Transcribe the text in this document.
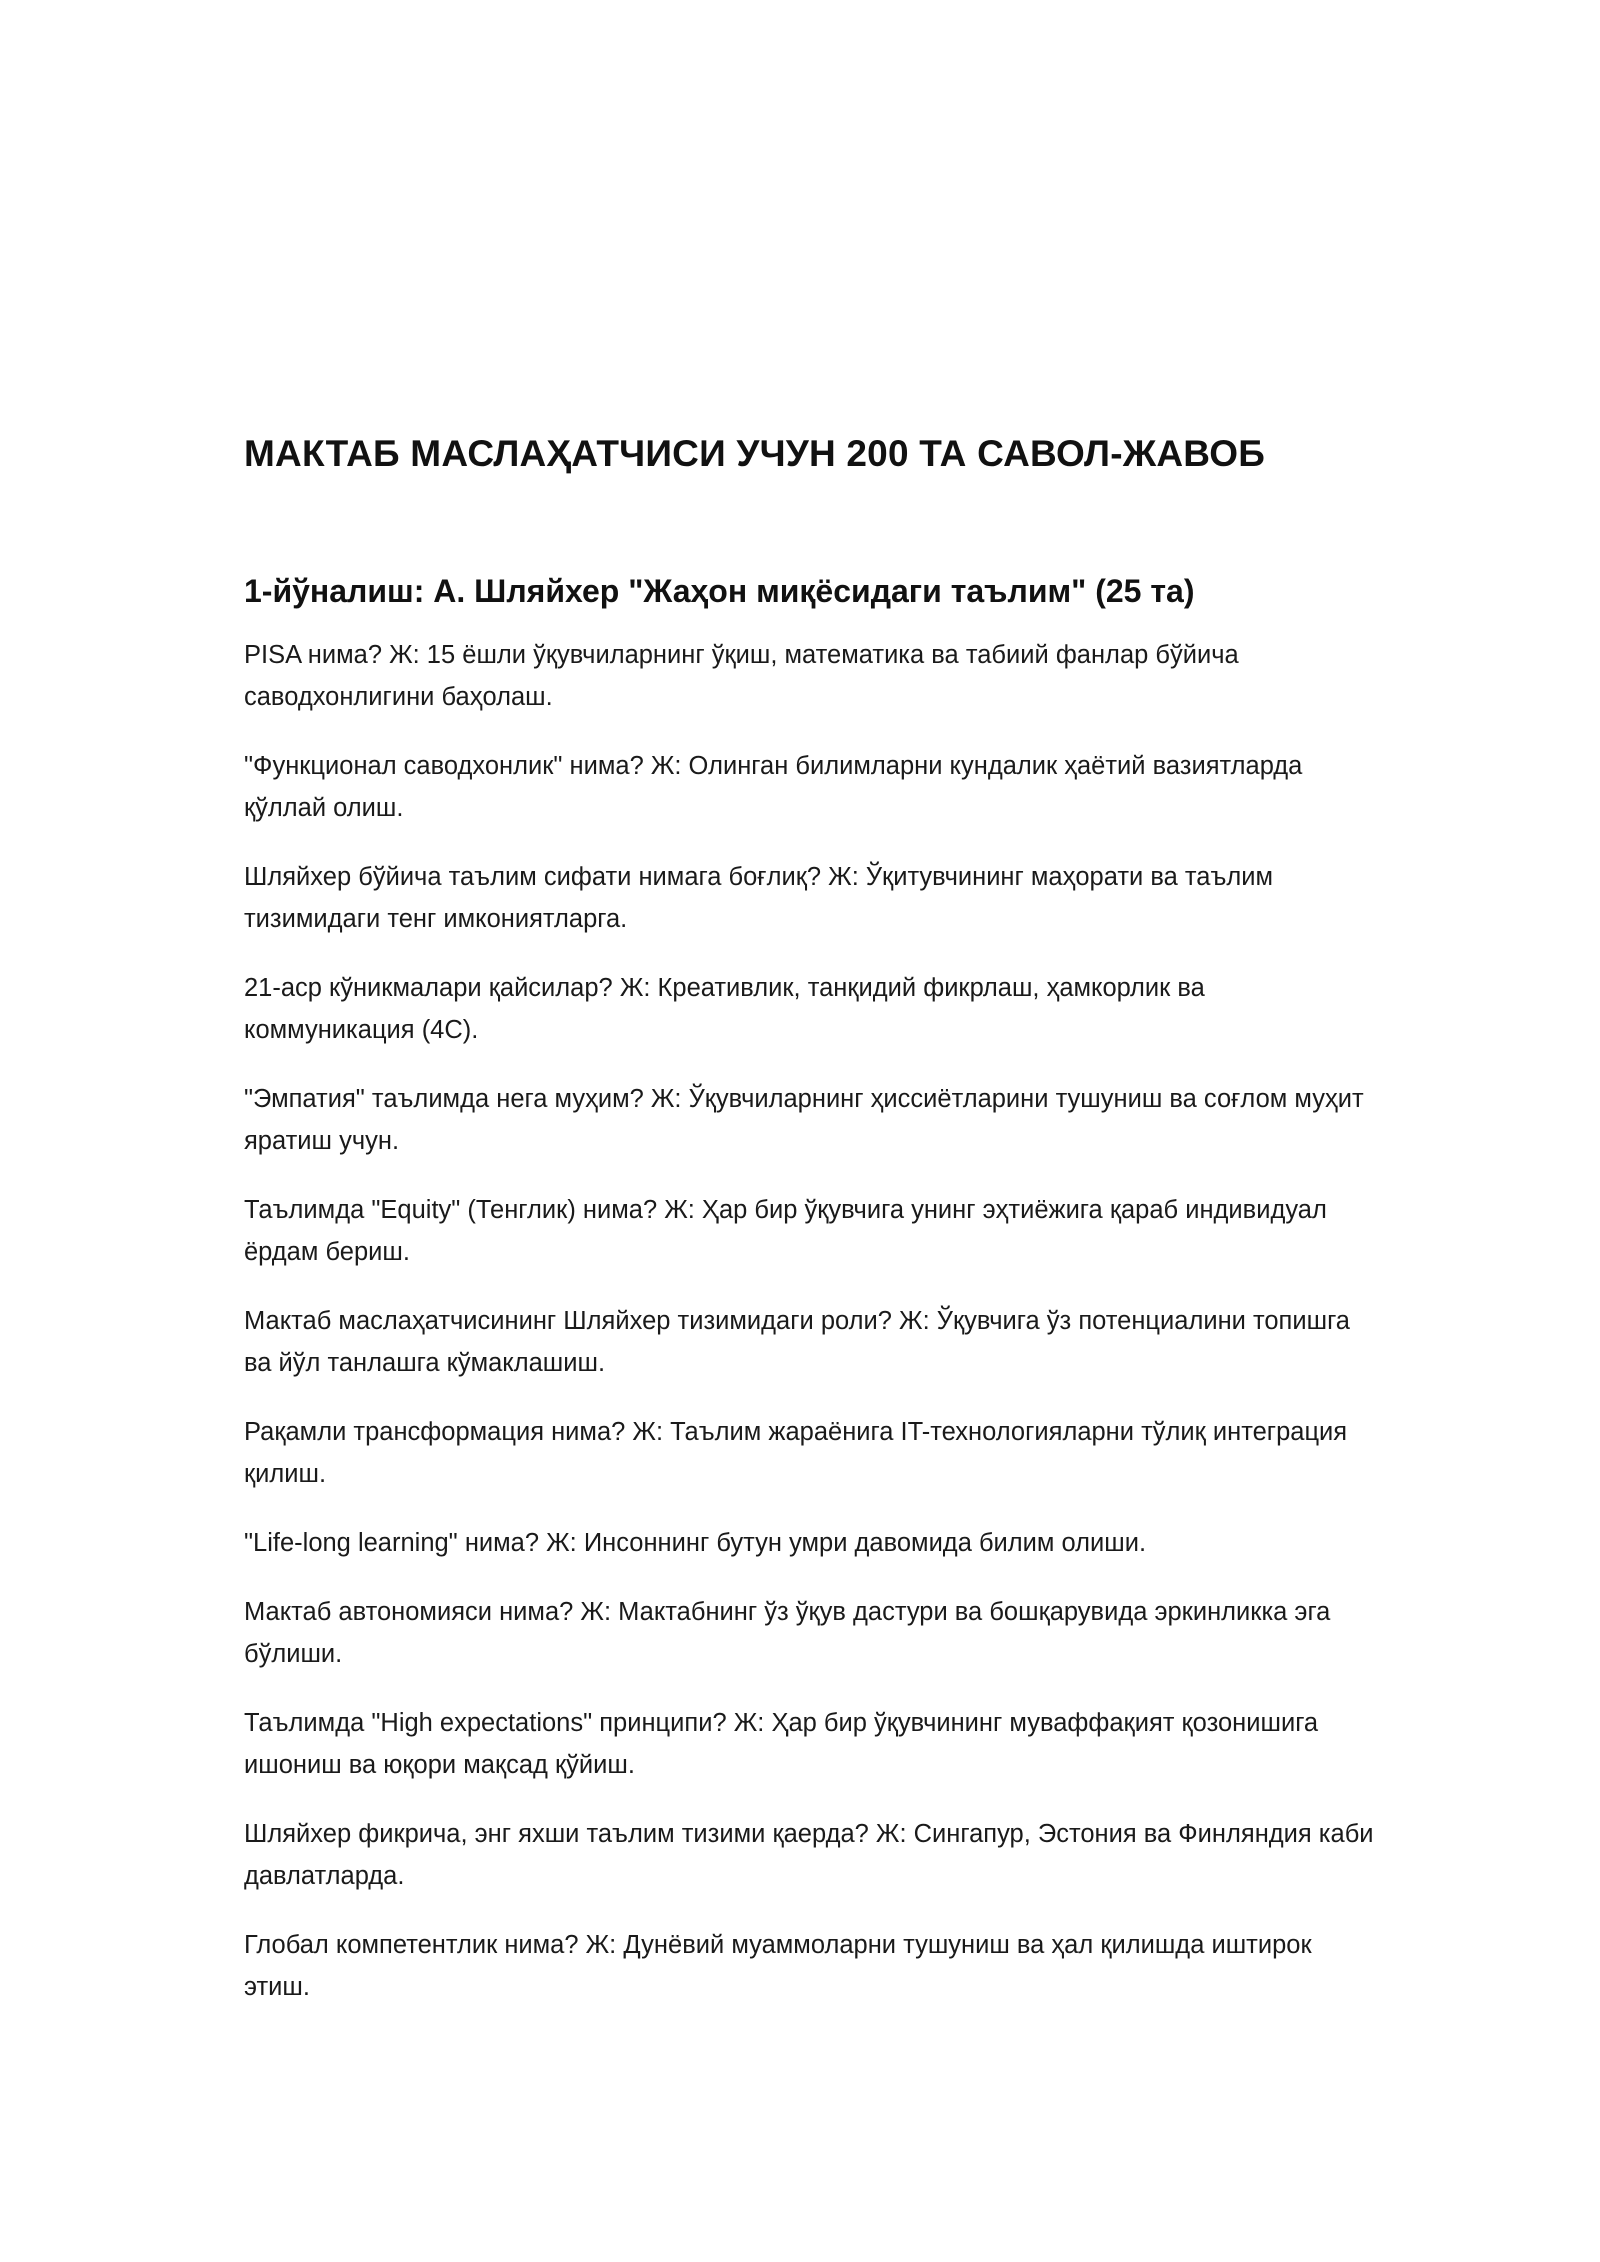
МАКТАБ МАСЛАҲАТЧИСИ УЧУН 200 ТА САВОЛ-ЖАВОБ
1-йўналиш: А. Шляйхер "Жаҳон миқёсидаги таълим" (25 та)
PISA нима? Ж: 15 ёшли ўқувчиларнинг ўқиш, математика ва табиий фанлар бўйича саводхонлигини баҳолаш.
"Функционал саводхонлик" нима? Ж: Олинган билимларни кундалик ҳаётий вазиятларда қўллай олиш.
Шляйхер бўйича таълим сифати нимага боғлиқ? Ж: Ўқитувчининг маҳорати ва таълим тизимидаги тенг имкониятларга.
21-аср кўникмалари қайсилар? Ж: Креативлик, танқидий фикрлаш, ҳамкорлик ва коммуникация (4С).
"Эмпатия" таълимда нега муҳим? Ж: Ўқувчиларнинг ҳиссиётларини тушуниш ва соғлом муҳит яратиш учун.
Таълимда "Equity" (Тенглик) нима? Ж: Ҳар бир ўқувчига унинг эҳтиёжига қараб индивидуал ёрдам бериш.
Мактаб маслаҳатчисининг Шляйхер тизимидаги роли? Ж: Ўқувчига ўз потенциалини топишга ва йўл танлашга кўмаклашиш.
Рақамли трансформация нима? Ж: Таълим жараёнига IT-технологияларни тўлиқ интеграция қилиш.
"Life-long learning" нима? Ж: Инсоннинг бутун умри давомида билим олиши.
Мактаб автономияси нима? Ж: Мактабнинг ўз ўқув дастури ва бошқарувида эркинликка эга бўлиши.
Таълимда "High expectations" принципи? Ж: Ҳар бир ўқувчининг муваффақият қозонишига ишониш ва юқори мақсад қўйиш.
Шляйхер фикрича, энг яхши таълим тизими қаерда? Ж: Сингапур, Эстония ва Финляндия каби давлатларда.
Глобал компетентлик нима? Ж: Дунёвий муаммоларни тушуниш ва ҳал қилишда иштирок этиш.
